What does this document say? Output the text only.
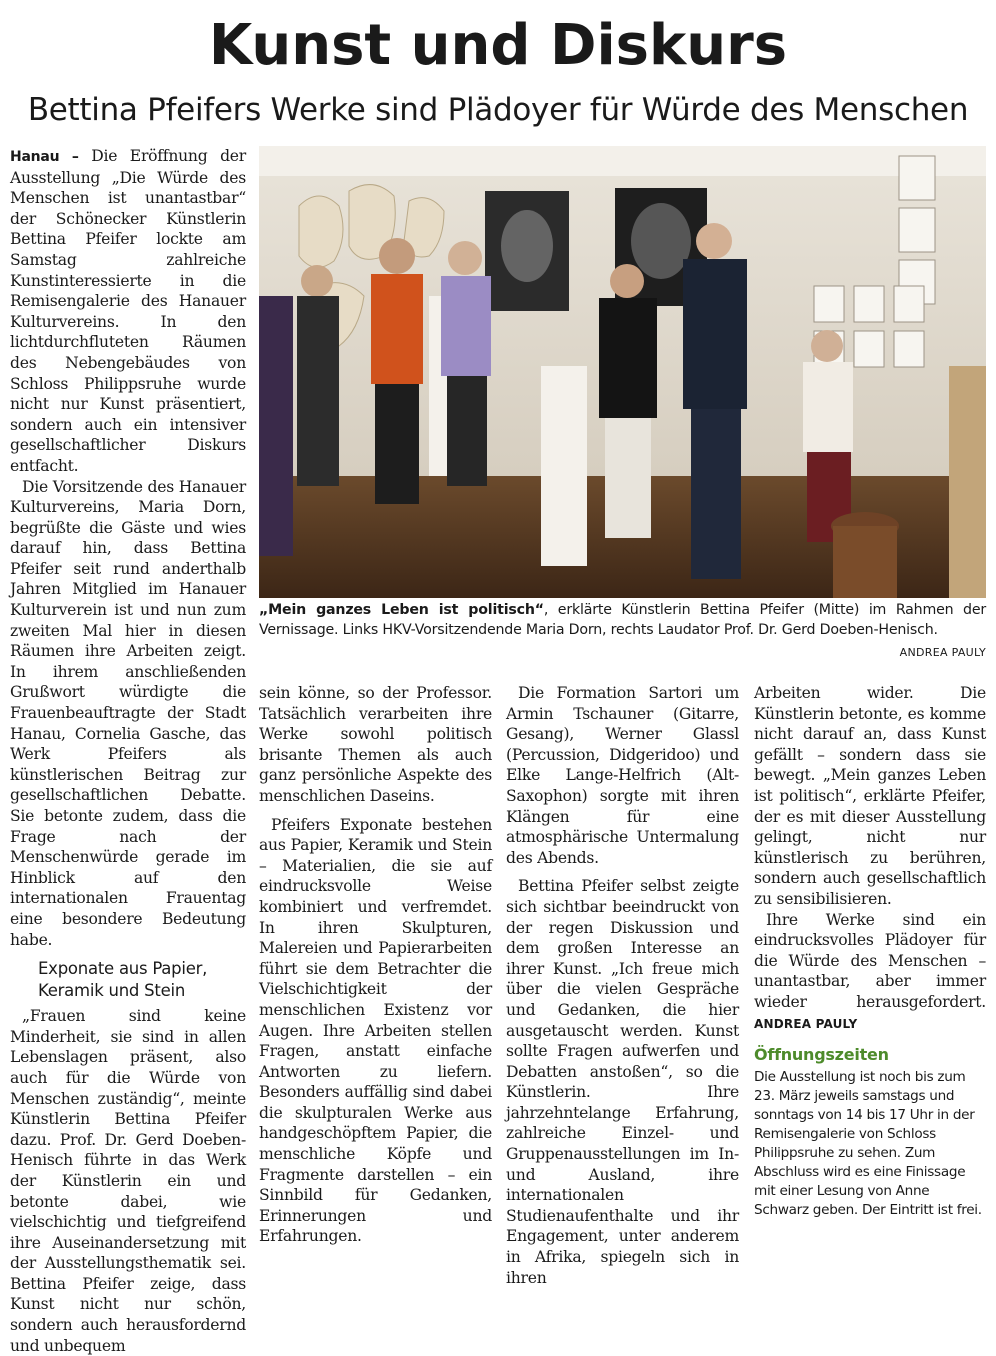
Kunst und Diskurs
Bettina Pfeifers Werke sind Plädoyer für Würde des Menschen

Hanau – Die Eröffnung der Ausstellung „Die Würde des Menschen ist unantastbar“ der Schönecker Künstlerin Bettina Pfeifer lockte am Samstag zahlreiche Kunstinteressierte in die Remisengalerie des Hanauer Kulturvereins. In den lichtdurchfluteten Räumen des Nebengebäudes von Schloss Philippsruhe wurde nicht nur Kunst präsentiert, sondern auch ein intensiver gesellschaftlicher Diskurs entfacht.

Die Vorsitzende des Hanauer Kulturvereins, Maria Dorn, begrüßte die Gäste und wies darauf hin, dass Bettina Pfeifer seit rund anderthalb Jahren Mitglied im Hanauer Kulturverein ist und nun zum zweiten Mal hier in diesen Räumen ihre Arbeiten zeigt. In ihrem anschließenden Grußwort würdigte die Frauenbeauftragte der Stadt Hanau, Cornelia Gasche, das Werk Pfeifers als künstlerischen Beitrag zur gesellschaftlichen Debatte. Sie betonte zudem, dass die Frage nach der Menschenwürde gerade im Hinblick auf den internationalen Frauentag eine besondere Bedeutung habe.

Exponate aus Papier, Keramik und Stein

„Frauen sind keine Minderheit, sie sind in allen Lebenslagen präsent, also auch für die Würde von Menschen zuständig“, meinte Künstlerin Bettina Pfeifer dazu. Prof. Dr. Gerd Doeben-Henisch führte in das Werk der Künstlerin ein und betonte dabei, wie vielschichtig und tiefgreifend ihre Auseinandersetzung mit der Ausstellungsthematik sei. Bettina Pfeifer zeige, dass Kunst nicht nur schön, sondern auch herausfordernd und unbequem

„Mein ganzes Leben ist politisch“, erklärte Künstlerin Bettina Pfeifer (Mitte) im Rahmen der Vernissage. Links HKV-Vorsitzendende Maria Dorn, rechts Laudator Prof. Dr. Gerd Doeben-Henisch.
ANDREA PAULY

sein könne, so der Professor. Tatsächlich verarbeiten ihre Werke sowohl politisch brisante Themen als auch ganz persönliche Aspekte des menschlichen Daseins.

Pfeifers Exponate bestehen aus Papier, Keramik und Stein – Materialien, die sie auf eindrucksvolle Weise kombiniert und verfremdet. In ihren Skulpturen, Malereien und Papierarbeiten führt sie dem Betrachter die Vielschichtigkeit der menschlichen Existenz vor Augen. Ihre Arbeiten stellen Fragen, anstatt einfache Antworten zu liefern. Besonders auffällig sind dabei die skulpturalen Werke aus handgeschöpftem Papier, die menschliche Köpfe und Fragmente darstellen – ein Sinnbild für Gedanken, Erinnerungen und Erfahrungen.

Die Formation Sartori um Armin Tschauner (Gitarre, Gesang), Werner Glassl (Percussion, Didgeridoo) und Elke Lange-Helfrich (Alt-Saxophon) sorgte mit ihren Klängen für eine atmosphärische Untermalung des Abends.

Bettina Pfeifer selbst zeigte sich sichtbar beeindruckt von der regen Diskussion und dem großen Interesse an ihrer Kunst. „Ich freue mich über die vielen Gespräche und Gedanken, die hier ausgetauscht werden. Kunst sollte Fragen aufwerfen und Debatten anstoßen“, so die Künstlerin. Ihre jahrzehntelange Erfahrung, zahlreiche Einzel- und Gruppenausstellungen im In- und Ausland, ihre internationalen Studienaufenthalte und ihr Engagement, unter anderem in Afrika, spiegeln sich in ihren

Arbeiten wider. Die Künstlerin betonte, es komme nicht darauf an, dass Kunst gefällt – sondern dass sie bewegt. „Mein ganzes Leben ist politisch“, erklärte Pfeifer, der es mit dieser Ausstellung gelingt, nicht nur künstlerisch zu berühren, sondern auch gesellschaftlich zu sensibilisieren.

Ihre Werke sind ein eindrucksvolles Plädoyer für die Würde des Menschen – unantastbar, aber immer wieder herausgefordert. ANDREA PAULY

Öffnungszeiten
Die Ausstellung ist noch bis zum 23. März jeweils samstags und sonntags von 14 bis 17 Uhr in der Remisengalerie von Schloss Philippsruhe zu sehen. Zum Abschluss wird es eine Finissage mit einer Lesung von Anne Schwarz geben. Der Eintritt ist frei.
